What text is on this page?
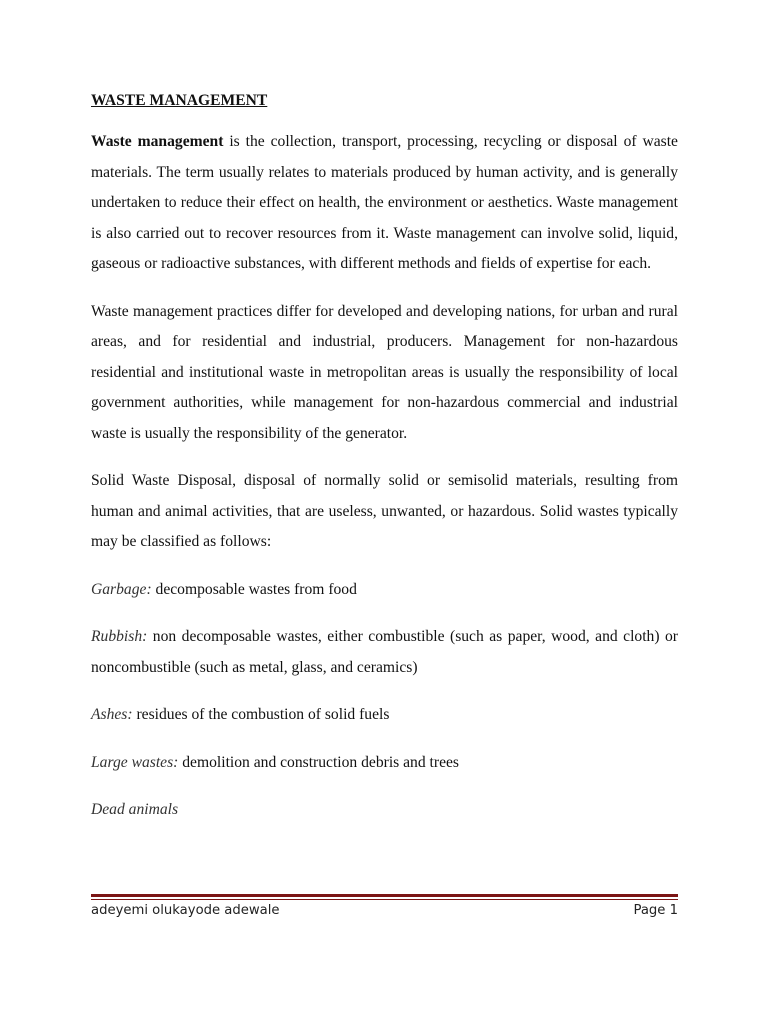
WASTE MANAGEMENT

Waste management is the collection, transport, processing, recycling or disposal of waste materials. The term usually relates to materials produced by human activity, and is generally undertaken to reduce their effect on health, the environment or aesthetics. Waste management is also carried out to recover resources from it. Waste management can involve solid, liquid, gaseous or radioactive substances, with different methods and fields of expertise for each.

Waste management practices differ for developed and developing nations, for urban and rural areas, and for residential and industrial, producers. Management for non-hazardous residential and institutional waste in metropolitan areas is usually the responsibility of local government authorities, while management for non-hazardous commercial and industrial waste is usually the responsibility of the generator.

Solid Waste Disposal, disposal of normally solid or semisolid materials, resulting from human and animal activities, that are useless, unwanted, or hazardous. Solid wastes typically may be classified as follows:

Garbage: decomposable wastes from food

Rubbish: non decomposable wastes, either combustible (such as paper, wood, and cloth) or noncombustible (such as metal, glass, and ceramics)

Ashes: residues of the combustion of solid fuels

Large wastes: demolition and construction debris and trees

Dead animals

adeyemi olukayode adewale	Page 1
